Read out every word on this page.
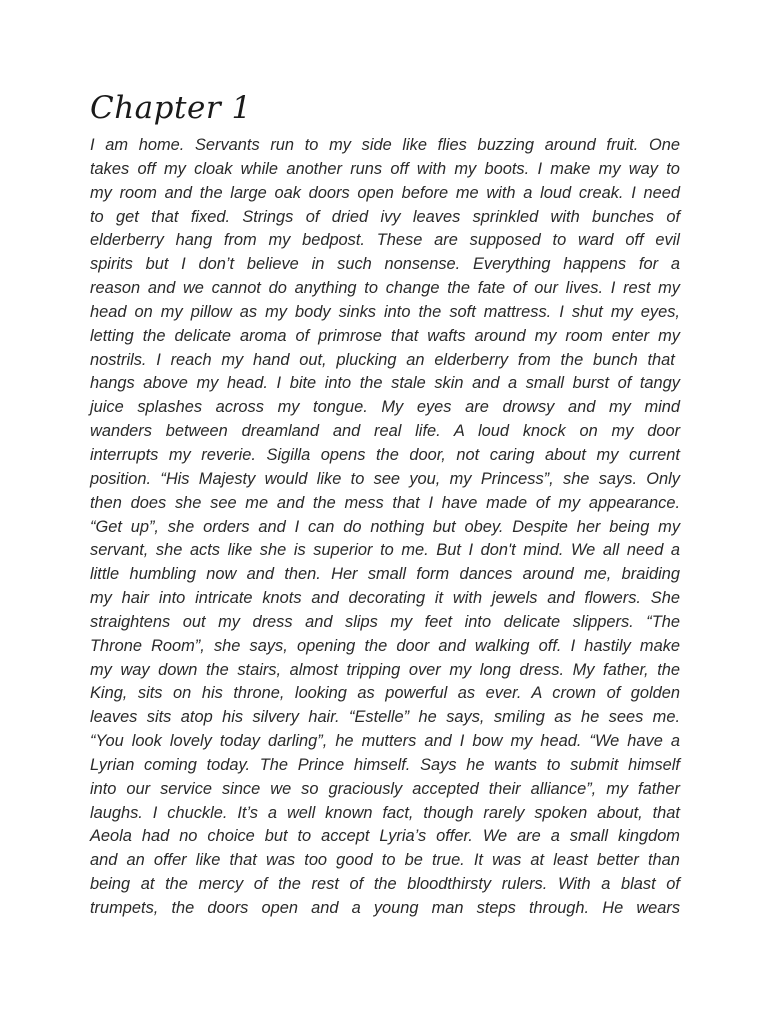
Chapter 1
I am home. Servants run to my side like flies buzzing around fruit. One
takes off my cloak while another runs off with my boots. I make my way to
my room and the large oak doors open before me with a loud creak. I need
to get that fixed. Strings of dried ivy leaves sprinkled with bunches of
elderberry hang from my bedpost. These are supposed to ward off evil
spirits but I don’t believe in such nonsense. Everything happens for a
reason and we cannot do anything to change the fate of our lives. I rest my
head on my pillow as my body sinks into the soft mattress. I shut my eyes,
letting the delicate aroma of primrose that wafts around my room enter my
nostrils. I reach my hand out, plucking an elderberry from the bunch that
hangs above my head. I bite into the stale skin and a small burst of tangy
juice splashes across my tongue. My eyes are drowsy and my mind
wanders between dreamland and real life. A loud knock on my door
interrupts my reverie. Sigilla opens the door, not caring about my current
position. “His Majesty would like to see you, my Princess”, she says. Only
then does she see me and the mess that I have made of my appearance.
“Get up”, she orders and I can do nothing but obey. Despite her being my
servant, she acts like she is superior to me. But I don't mind. We all need a
little humbling now and then. Her small form dances around me, braiding
my hair into intricate knots and decorating it with jewels and flowers. She
straightens out my dress and slips my feet into delicate slippers. “The
Throne Room”, she says, opening the door and walking off. I hastily make
my way down the stairs, almost tripping over my long dress. My father, the
King, sits on his throne, looking as powerful as ever. A crown of golden
leaves sits atop his silvery hair. “Estelle” he says, smiling as he sees me.
“You look lovely today darling”, he mutters and I bow my head. “We have a
Lyrian coming today. The Prince himself. Says he wants to submit himself
into our service since we so graciously accepted their alliance”, my father
laughs. I chuckle. It’s a well known fact, though rarely spoken about, that
Aeola had no choice but to accept Lyria’s offer. We are a small kingdom
and an offer like that was too good to be true. It was at least better than
being at the mercy of the rest of the bloodthirsty rulers. With a blast of
trumpets, the doors open and a young man steps through. He wears
